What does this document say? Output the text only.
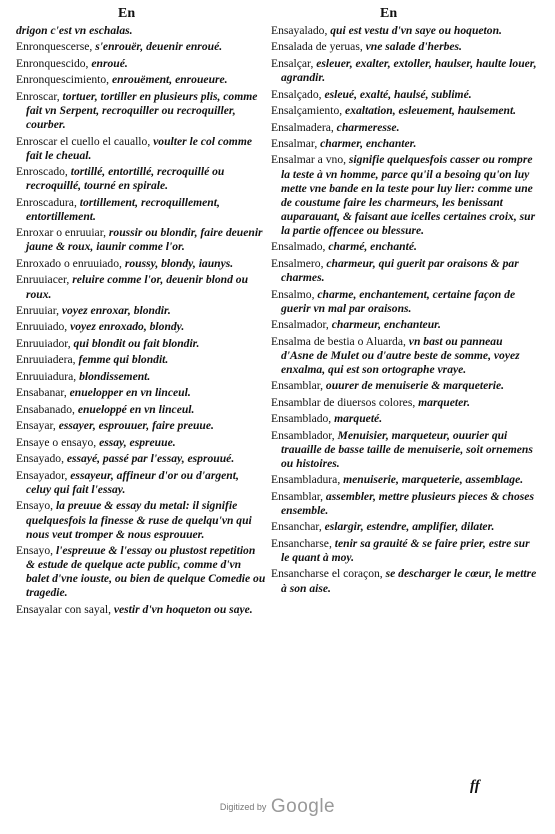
En	En

drigon c'est vn eschalas.

Enronquescerse, s'enrouër, deuenir enroué.

Enronquescido, enroué.

Enronquescimiento, enrouëment, enroueure.

Enroscar, tortuer, tortiller en plusieurs plis, comme fait vn Serpent, recroquiller ou recroquiller, courber.

Enroscar el cuello el cauallo, voulter le col comme fait le cheual.

Enroscado, tortillé, entortillé, recroquillé ou recroquillé, tourné en spirale.

Enroscadura, tortillement, recroquillement, entortillement.

Enroxar o enruuiar, roussir ou blondir, faire deuenir jaune & roux, iaunir comme l'or.

Enroxado o enruuiado, roussy, blondy, iaunys.

Enruuiacer, reluire comme l'or, deuenir blond ou roux.

Enruuiar, voyez enroxar, blondir.

Enruuiado, voyez enroxado, blondy.

Enruuiador, qui blondit ou fait blondir.

Enruuiadera, femme qui blondit.

Enruuiadura, blondissement.

Ensabanar, enuelopper en vn linceul.

Ensabanado, enueloppé en vn linceul.

Ensayar, essayer, esprouuer, faire preuue.

Ensaye o ensayo, essay, espreuue.

Ensayado, essayé, passé par l'essay, esprouué.

Ensayador, essayeur, affineur d'or ou d'argent, celuy qui fait l'essay.

Ensayo, la preuue & essay du metal: il signifie quelquesfois la finesse & ruse de quelqu'vn qui nous veut tromper & nous esprouuer.

Ensayo, l'espreuue & l'essay ou plustost repetition & estude de quelque acte public, comme d'vn balet d'vne iouste, ou bien de quelque Comedie ou tragedie.

Ensayalar con sayal, vestir d'vn hoqueton ou saye.

Ensayalado, qui est vestu d'vn saye ou hoqueton.

Ensalada de yeruas, vne salade d'herbes.

Ensalçar, esleuer, exalter, extoller, haulser, haulte louer, agrandir.

Ensalçado, esleué, exalté, haulsé, sublimé.

Ensalçamiento, exaltation, esleuement, haulsement.

Ensalmadera, charmeresse.

Ensalmar, charmer, enchanter.

Ensalmar a vno, signifie quelquesfois casser ou rompre la teste à vn homme, parce qu'il a besoing qu'on luy mette vne bande en la teste pour luy lier: comme une de coustume faire les charmeurs, les benissant auparauant, & faisant aue icelles certaines croix, sur la partie offencee ou blessure.

Ensalmado, charmé, enchanté.

Ensalmero, charmeur, qui guerit par oraisons & par charmes.

Ensalmo, charme, enchantement, certaine façon de guerir vn mal par oraisons.

Ensalmador, charmeur, enchanteur.

Ensalma de bestia o Aluarda, vn bast ou panneau d'Asne de Mulet ou d'autre beste de somme, voyez enxalma, qui est son ortographe vraye.

Ensamblar, ouurer de menuiserie & marqueterie.

Ensamblar de diuersos colores, marqueter.

Ensamblado, marqueté.

Ensamblador, Menuisier, marqueteur, ouurier qui trauaille de basse taille de menuiserie, soit ornemens ou histoires.

Ensambladura, menuiserie, marqueterie, assemblage.

Ensamblar, assembler, mettre plusieurs pieces & choses ensemble.

Ensanchar, eslargir, estendre, amplifier, dilater.

Ensancharse, tenir sa grauité & se faire prier, estre sur le quant à moy.

Ensancharse el coraçon, se descharger le cœur, le mettre à son aise.

ff
Digitized by Google
